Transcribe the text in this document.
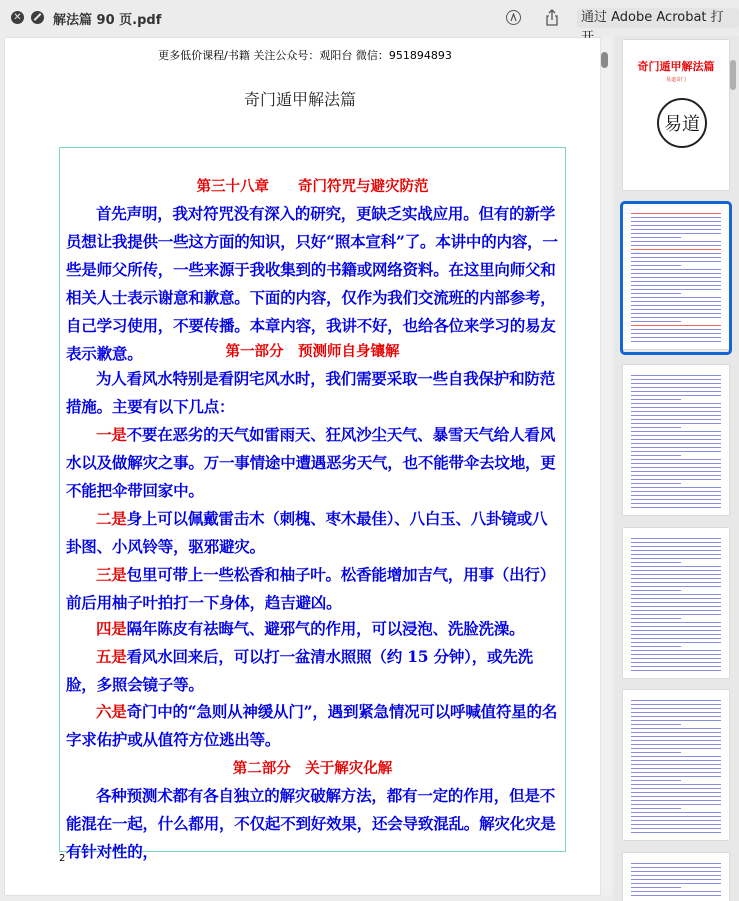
✕ 解法篇 90 页.pdf	通过 Adobe Acrobat 打
更多低价课程/书籍 关注公众号：观阳台 微信：951894893
奇门遁甲解法篇
第三十八章　　奇门符咒与避灾防范
首先声明，我对符咒没有深入的研究，更缺乏实战应用。但有的新学员想让我提供一些这方面的知识，只好“照本宣科”了。本讲中的内容，一些是师父所传，一些来源于我收集到的书籍或网络资料。在这里向师父和相关人士表示谢意和歉意。下面的内容，仅作为我们交流班的内部参考，自己学习使用，不要传播。本章内容，我讲不好，也给各位来学习的易友表示歉意。	第一部分　预测师自身镶解
为人看风水特别是看阴宅风水时，我们需要采取一些自我保护和防范措施。主要有以下几点：
一是不要在恶劣的天气如雷雨天、狂风沙尘天气、暴雪天气给人看风水以及做解灾之事。万一事情途中遭遇恶劣天气，也不能带伞去坟地，更不能把伞带回家中。
二是身上可以佩戴雷击木（刺槐、枣木最佳）、八白玉、八卦镜或八卦图、小风铃等，驱邪避灾。
三是包里可带上一些松香和柚子叶。松香能增加吉气，用事（出行）前后用柚子叶拍打一下身体，趋吉避凶。
四是隔年陈皮有祛晦气、避邪气的作用，可以浸泡、洗脸洗澡。
五是看风水回来后，可以打一盆清水照照（约 15 分钟），或先洗脸，多照会镜子等。
六是奇门中的“急则从神缓从门”，遇到紧急情况可以呼喊值符星的名字求佑护或从值符方位逃出等。
第二部分　关于解灾化解
各种预测术都有各自独立的解灾破解方法，都有一定的作用，但是不能混在一起，什么都用，不仅起不到好效果，还会导致混乱。解灾化灾是有针对性的，
2
奇门遁甲解法篇
易道奇门
易道
